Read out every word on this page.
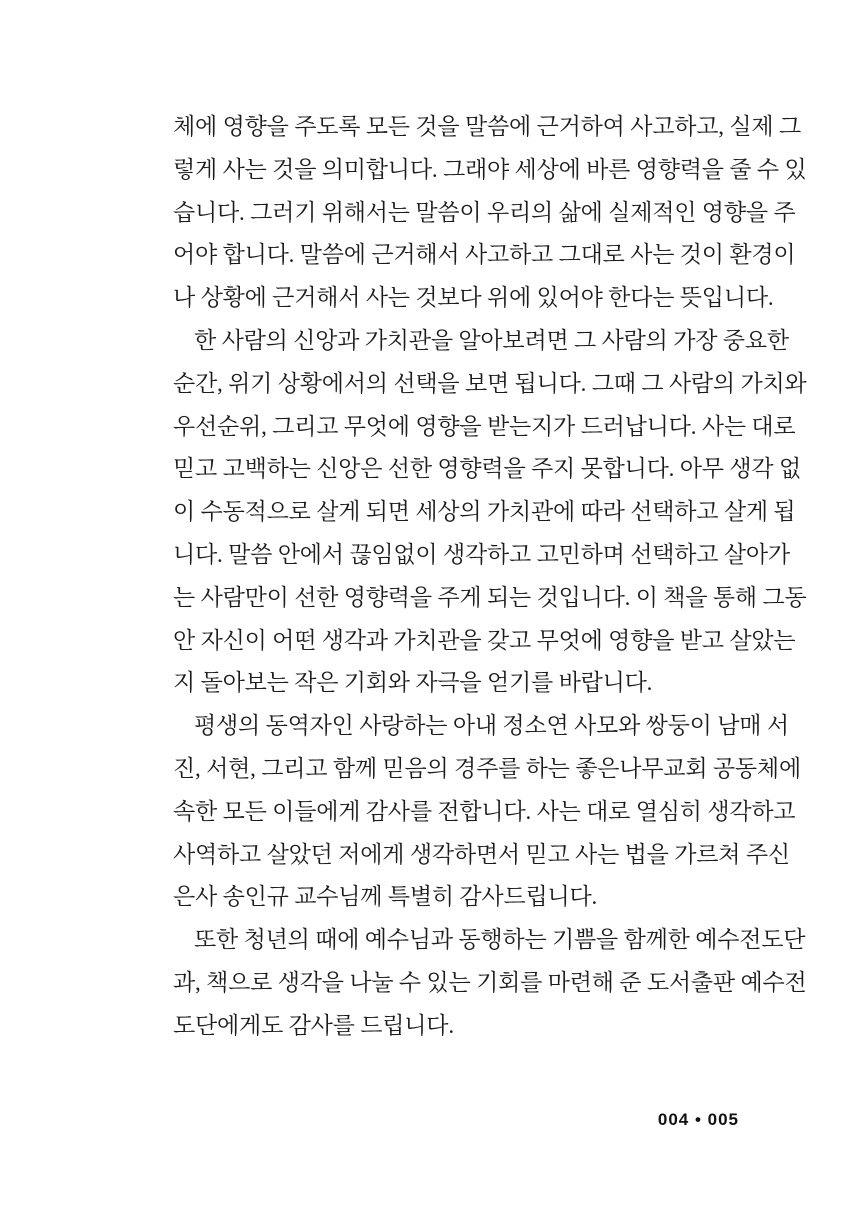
체에 영향을 주도록 모든 것을 말씀에 근거하여 사고하고, 실제 그
렇게 사는 것을 의미합니다. 그래야 세상에 바른 영향력을 줄 수 있
습니다. 그러기 위해서는 말씀이 우리의 삶에 실제적인 영향을 주
어야 합니다. 말씀에 근거해서 사고하고 그대로 사는 것이 환경이
나 상황에 근거해서 사는 것보다 위에 있어야 한다는 뜻입니다.
한 사람의 신앙과 가치관을 알아보려면 그 사람의 가장 중요한
순간, 위기 상황에서의 선택을 보면 됩니다. 그때 그 사람의 가치와
우선순위, 그리고 무엇에 영향을 받는지가 드러납니다. 사는 대로
믿고 고백하는 신앙은 선한 영향력을 주지 못합니다. 아무 생각 없
이 수동적으로 살게 되면 세상의 가치관에 따라 선택하고 살게 됩
니다. 말씀 안에서 끊임없이 생각하고 고민하며 선택하고 살아가
는 사람만이 선한 영향력을 주게 되는 것입니다. 이 책을 통해 그동
안 자신이 어떤 생각과 가치관을 갖고 무엇에 영향을 받고 살았는
지 돌아보는 작은 기회와 자극을 얻기를 바랍니다.
평생의 동역자인 사랑하는 아내 정소연 사모와 쌍둥이 남매 서
진, 서현, 그리고 함께 믿음의 경주를 하는 좋은나무교회 공동체에
속한 모든 이들에게 감사를 전합니다. 사는 대로 열심히 생각하고
사역하고 살았던 저에게 생각하면서 믿고 사는 법을 가르쳐 주신
은사 송인규 교수님께 특별히 감사드립니다.
또한 청년의 때에 예수님과 동행하는 기쁨을 함께한 예수전도단
과, 책으로 생각을 나눌 수 있는 기회를 마련해 준 도서출판 예수전
도단에게도 감사를 드립니다.
004 • 005
